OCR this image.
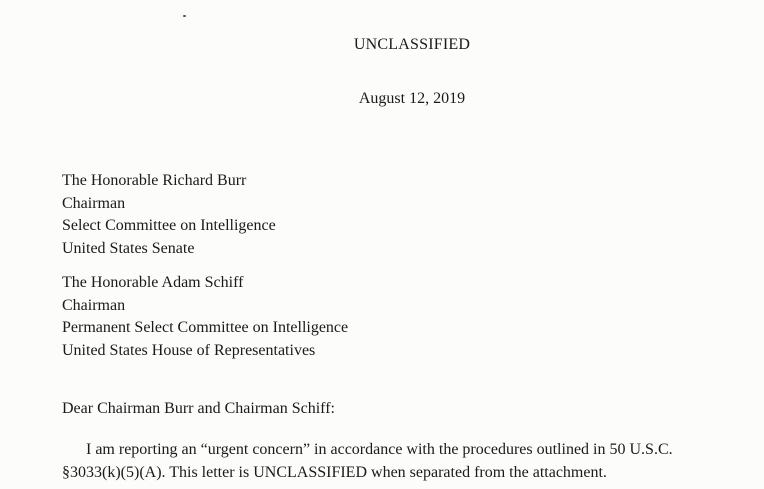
UNCLASSIFIED
August 12, 2019
The Honorable Richard Burr
Chairman
Select Committee on Intelligence
United States Senate
The Honorable Adam Schiff
Chairman
Permanent Select Committee on Intelligence
United States House of Representatives
Dear Chairman Burr and Chairman Schiff:
I am reporting an “urgent concern” in accordance with the procedures outlined in 50 U.S.C.
§3033(k)(5)(A). This letter is UNCLASSIFIED when separated from the attachment.
